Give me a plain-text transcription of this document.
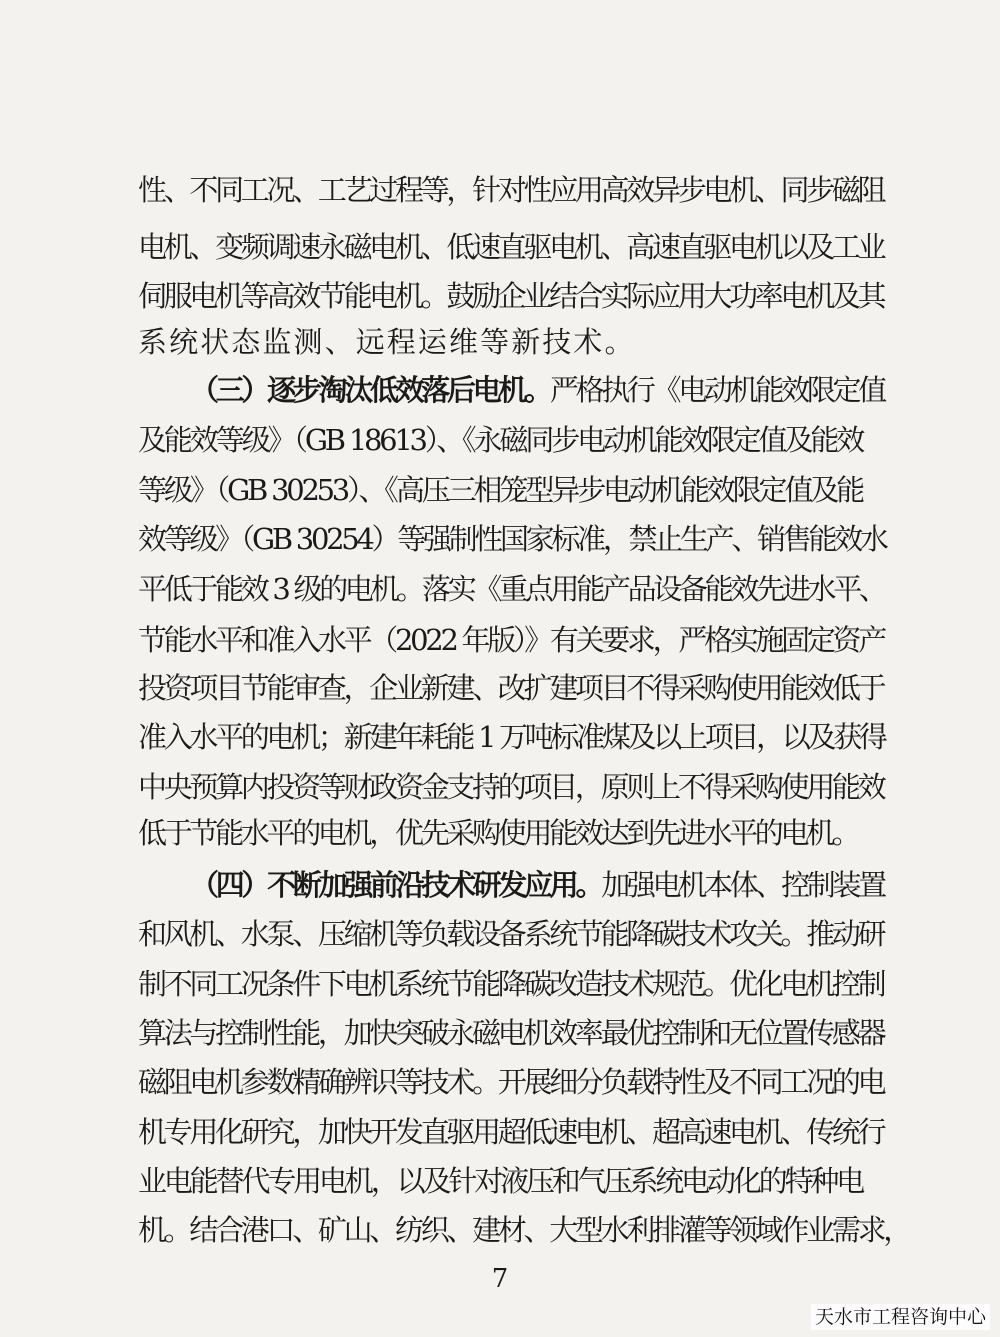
性、不同工况、工艺过程等，针对性应用高效异步电机、同步磁阻
电机、变频调速永磁电机、低速直驱电机、高速直驱电机以及工业
伺服电机等高效节能电机。鼓励企业结合实际应用大功率电机及其
系统状态监测、远程运维等新技术。
（三）逐步淘汰低效落后电机。严格执行《电动机能效限定值
及能效等级》（GB 18613）、《永磁同步电动机能效限定值及能效
等级》（GB 30253）、《高压三相笼型异步电动机能效限定值及能
效等级》（GB 30254）等强制性国家标准，禁止生产、销售能效水
平低于能效 3 级的电机。落实《重点用能产品设备能效先进水平、
节能水平和准入水平（2022 年版）》有关要求，严格实施固定资产
投资项目节能审查，企业新建、改扩建项目不得采购使用能效低于
准入水平的电机；新建年耗能 1 万吨标准煤及以上项目，以及获得
中央预算内投资等财政资金支持的项目，原则上不得采购使用能效
低于节能水平的电机，优先采购使用能效达到先进水平的电机。
（四）不断加强前沿技术研发应用。加强电机本体、控制装置
和风机、水泵、压缩机等负载设备系统节能降碳技术攻关。推动研
制不同工况条件下电机系统节能降碳改造技术规范。优化电机控制
算法与控制性能，加快突破永磁电机效率最优控制和无位置传感器
磁阻电机参数精确辨识等技术。开展细分负载特性及不同工况的电
机专用化研究，加快开发直驱用超低速电机、超高速电机、传统行
业电能替代专用电机，以及针对液压和气压系统电动化的特种电
机。结合港口、矿山、纺织、建材、大型水利排灌等领域作业需求，
7
天水市工程咨询中心
